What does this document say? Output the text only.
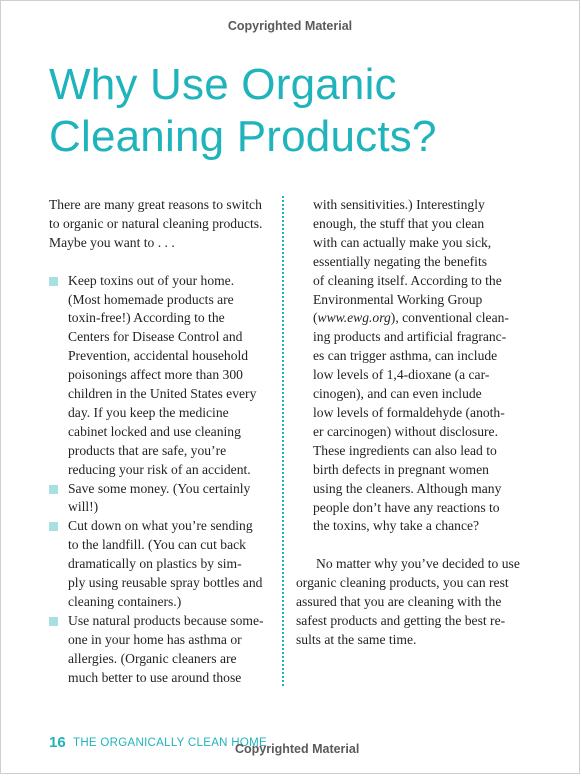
Copyrighted Material
Why Use Organic
Cleaning Products?

There are many great reasons to switch
to organic or natural cleaning products.
Maybe you want to . . .

Keep toxins out of your home.
(Most homemade products are
toxin-free!) According to the
Centers for Disease Control and
Prevention, accidental household
poisonings affect more than 300
children in the United States every
day. If you keep the medicine
cabinet locked and use cleaning
products that are safe, you’re
reducing your risk of an accident.
Save some money. (You certainly
will!)
Cut down on what you’re sending
to the landfill. (You can cut back
dramatically on plastics by sim-
ply using reusable spray bottles and
cleaning containers.)
Use natural products because some-
one in your home has asthma or
allergies. (Organic cleaners are
much better to use around those

with sensitivities.) Interestingly
enough, the stuff that you clean
with can actually make you sick,
essentially negating the benefits
of cleaning itself. According to the
Environmental Working Group
(www.ewg.org), conventional clean-
ing products and artificial fragranc-
es can trigger asthma, can include
low levels of 1,4-dioxane (a car-
cinogen), and can even include
low levels of formaldehyde (anoth-
er carcinogen) without disclosure.
These ingredients can also lead to
birth defects in pregnant women
using the cleaners. Although many
people don’t have any reactions to
the toxins, why take a chance?

No matter why you’ve decided to use
organic cleaning products, you can rest
assured that you are cleaning with the
safest products and getting the best re-
sults at the same time.

16 THE ORGANICALLY CLEAN HOME
Copyrighted Material
